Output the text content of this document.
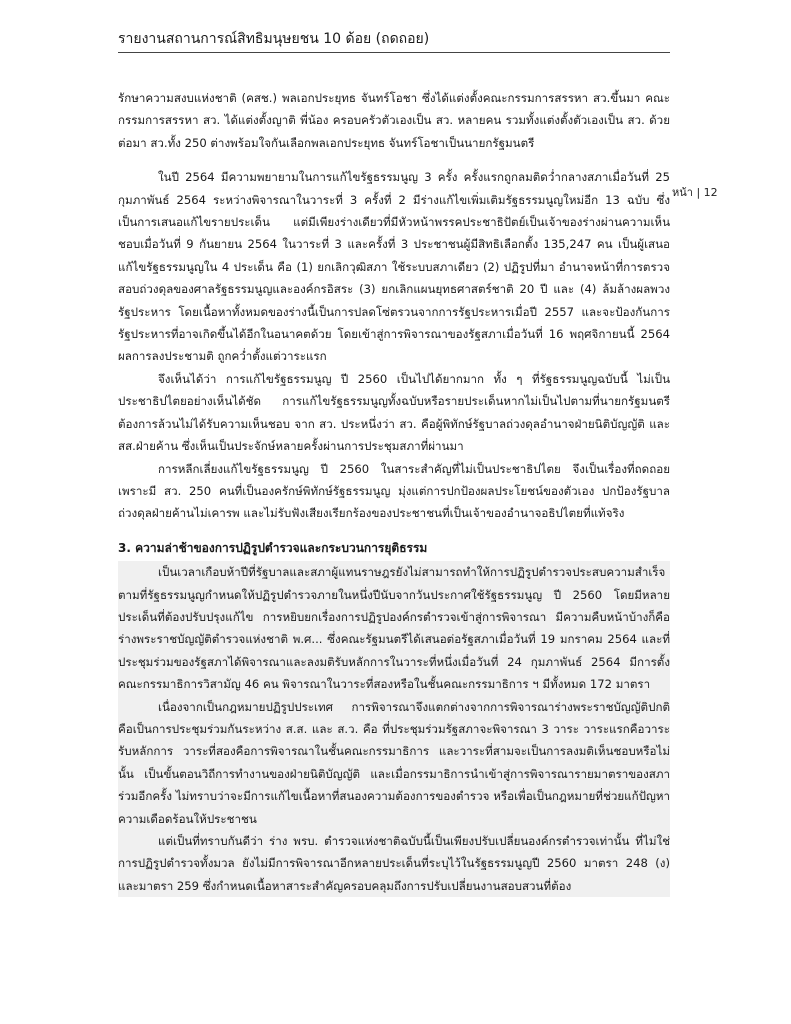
รายงานสถานการณ์สิทธิมนุษยชน 10 ด้อย (ถดถอย)
หน้า | 12

รักษาความสงบแห่งชาติ (คสช.) พลเอกประยุทธ จันทร์โอชา ซึ่งได้แต่งตั้งคณะกรรมการสรรหา สว.ขึ้นมา คณะกรรมการสรรหา สว. ได้แต่งตั้งญาติ พี่น้อง ครอบครัวตัวเองเป็น สว. หลายคน รวมทั้งแต่งตั้งตัวเองเป็น สว. ด้วย ต่อมา สว.ทั้ง 250 ต่างพร้อมใจกันเลือกพลเอกประยุทธ จันทร์โอชาเป็นนายกรัฐมนตรี

ในปี 2564 มีความพยายามในการแก้ไขรัฐธรรมนูญ 3 ครั้ง ครั้งแรกถูกลมติดว่ำกลางสภาเมื่อวันที่ 25 กุมภาพันธ์ 2564 ระหว่างพิจารณาในวาระที่ 3 ครั้งที่ 2 มีร่างแก้ไขเพิ่มเติมรัฐธรรมนูญใหม่อีก 13 ฉบับ ซึ่งเป็นการเสนอแก้ไขรายประเด็น แต่มีเพียงร่างเดียวที่มีหัวหน้าพรรคประชาธิปัตย์เป็นเจ้าของร่างผ่านความเห็นชอบเมื่อวันที่ 9 กันยายน 2564 ในวาระที่ 3 และครั้งที่ 3 ประชาชนผู้มีสิทธิเลือกตั้ง 135,247 คน เป็นผู้เสนอแก้ไขรัฐธรรมนูญใน 4 ประเด็น คือ (1) ยกเลิกวุฒิสภา ใช้ระบบสภาเดียว (2) ปฏิรูปที่มา อำนาจหน้าที่การตรวจสอบถ่วงดุลของศาลรัฐธรรมนูญและองค์กรอิสระ (3) ยกเลิกแผนยุทธศาสตร์ชาติ 20 ปี และ (4) ล้มล้างผลพวงรัฐประหาร โดยเนื้อหาทั้งหมดของร่างนี้เป็นการปลดโซ่ตรวนจากการรัฐประหารเมื่อปี 2557 และจะป้องกันการรัฐประหารที่อาจเกิดขึ้นได้อีกในอนาคตด้วย โดยเข้าสู่การพิจารณาของรัฐสภาเมื่อวันที่ 16 พฤศจิกายนนี้ 2564 ผลการลงประชามติ ถูกคว่ำตั้งแต่วาระแรก

จึงเห็นได้ว่า การแก้ไขรัฐธรรมนูญ ปี 2560 เป็นไปได้ยากมาก ทั้ง ๆ ที่รัฐธรรมนูญฉบับนี้ ไม่เป็นประชาธิปไตยอย่างเห็นได้ชัด การแก้ไขรัฐธรรมนูญทั้งฉบับหรือรายประเด็นหากไม่เป็นไปตามที่นายกรัฐมนตรีต้องการล้วนไม่ได้รับความเห็นชอบ จาก สว. ประหนึ่งว่า สว. คือผู้พิทักษ์รัฐบาลถ่วงดุลอำนาจฝ่ายนิติบัญญัติ และ สส.ฝ่ายค้าน ซึ่งเห็นเป็นประจักษ์หลายครั้งผ่านการประชุมสภาที่ผ่านมา

การหลีกเลี่ยงแก้ไขรัฐธรรมนูญ ปี 2560 ในสาระสำคัญที่ไม่เป็นประชาธิปไตย จึงเป็นเรื่องที่ถดถอย เพราะมี สว. 250 คนที่เป็นองครักษ์พิทักษ์รัฐธรรมนูญ มุ่งแต่การปกป้องผลประโยชน์ของตัวเอง ปกป้องรัฐบาล ถ่วงดุลฝ่ายค้านไม่เคารพ และไม่รับฟังเสียงเรียกร้องของประชาชนที่เป็นเจ้าของอำนาจอธิปไตยที่แท้จริง

3. ความล่าช้าของการปฏิรูปตำรวจและกระบวนการยุติธรรม

เป็นเวลาเกือบห้าปีที่รัฐบาลและสภาผู้แทนราษฎรยังไม่สามารถทำให้การปฏิรูปตำรวจประสบความสำเร็จตามที่รัฐธรรมนูญกำหนดให้ปฏิรูปตำรวจภายในหนึ่งปีนับจากวันประกาศใช้รัฐธรรมนูญ ปี 2560 โดยมีหลายประเด็นที่ต้องปรับปรุงแก้ไข การหยิบยกเรื่องการปฏิรูปองค์กรตำรวจเข้าสู่การพิจารณา มีความคืบหน้าบ้างก็คือ ร่างพระราชบัญญัติตำรวจแห่งชาติ พ.ศ... ซึ่งคณะรัฐมนตรีได้เสนอต่อรัฐสภาเมื่อวันที่ 19 มกราคม 2564 และที่ประชุมร่วมของรัฐสภาได้พิจารณาและลงมติรับหลักการในวาระที่หนึ่งเมื่อวันที่ 24 กุมภาพันธ์ 2564 มีการตั้งคณะกรรมาธิการวิสามัญ 46 คน พิจารณาในวาระที่สองหรือในชั้นคณะกรรมาธิการ ฯ มีทั้งหมด 172 มาตรา

เนื่องจากเป็นกฎหมายปฏิรูปประเทศ การพิจารณาจึงแตกต่างจากการพิจารณาร่างพระราชบัญญัติปกติ คือเป็นการประชุมร่วมกันระหว่าง ส.ส. และ ส.ว. คือ ที่ประชุมร่วมรัฐสภาจะพิจารณา 3 วาระ วาระแรกคือวาระรับหลักการ วาระที่สองคือการพิจารณาในชั้นคณะกรรมาธิการ และวาระที่สามจะเป็นการลงมติเห็นชอบหรือไม่นั้น เป็นขั้นตอนวิถีการทำงานของฝ่ายนิติบัญญัติ และเมื่อกรรมาธิการนำเข้าสู่การพิจารณารายมาตราของสภาร่วมอีกครั้ง ไม่ทราบว่าจะมีการแก้ไขเนื้อหาที่สนองความต้องการของตำรวจ หรือเพื่อเป็นกฎหมายที่ช่วยแก้ปัญหาความเดือดร้อนให้ประชาชน

แต่เป็นที่ทราบกันดีว่า ร่าง พรบ. ตำรวจแห่งชาติฉบับนี้เป็นเพียงปรับเปลี่ยนองค์กรตำรวจเท่านั้น ที่ไม่ใช่การปฏิรูปตำรวจทั้งมวล ยังไม่มีการพิจารณาอีกหลายประเด็นที่ระบุไว้ในรัฐธรรมนูญปี 2560 มาตรา 248 (ง) และมาตรา 259 ซึ่งกำหนดเนื้อหาสาระสำคัญครอบคลุมถึงการปรับเปลี่ยนงานสอบสวนที่ต้อง
